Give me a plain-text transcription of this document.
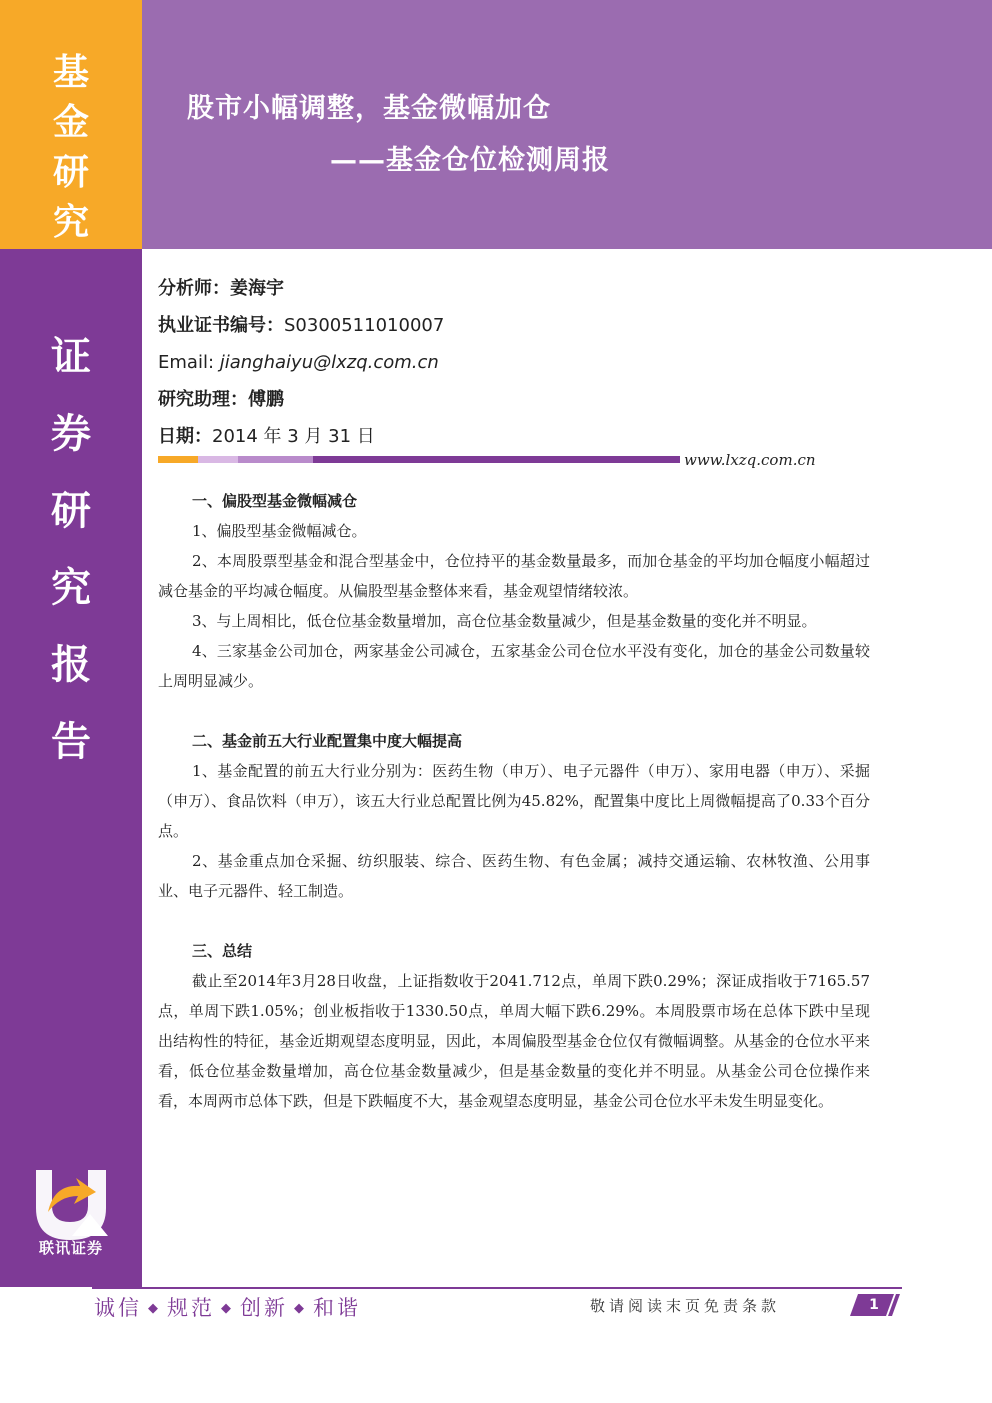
基
金
研
究
证
券
研
究
报
告
股市小幅调整，基金微幅加仓
——基金仓位检测周报
分析师：姜海宇
执业证书编号：S0300511010007
Email: jianghaiyu@lxzq.com.cn
研究助理：傅鹏
日期：2014 年 3 月 31 日
www.lxzq.com.cn
一、偏股型基金微幅减仓

1、偏股型基金微幅减仓。

2、本周股票型基金和混合型基金中，仓位持平的基金数量最多，而加仓基金的平均加仓幅度小幅超过减仓基金的平均减仓幅度。从偏股型基金整体来看，基金观望情绪较浓。

3、与上周相比，低仓位基金数量增加，高仓位基金数量减少，但是基金数量的变化并不明显。

4、三家基金公司加仓，两家基金公司减仓，五家基金公司仓位水平没有变化，加仓的基金公司数量较上周明显减少。

二、基金前五大行业配置集中度大幅提高

1、基金配置的前五大行业分别为：医药生物（申万）、电子元器件（申万）、家用电器（申万）、采掘（申万）、食品饮料（申万），该五大行业总配置比例为45.82%，配置集中度比上周微幅提高了0.33个百分点。

2、基金重点加仓采掘、纺织服装、综合、医药生物、有色金属；减持交通运输、农林牧渔、公用事业、电子元器件、轻工制造。

三、总结

截止至2014年3月28日收盘，上证指数收于2041.712点，单周下跌0.29%；深证成指收于7165.57点，单周下跌1.05%；创业板指收于1330.50点，单周大幅下跌6.29%。本周股票市场在总体下跌中呈现出结构性的特征，基金近期观望态度明显，因此，本周偏股型基金仓位仅有微幅调整。从基金的仓位水平来看，低仓位基金数量增加，高仓位基金数量减少，但是基金数量的变化并不明显。从基金公司仓位操作来看，本周两市总体下跌，但是下跌幅度不大，基金观望态度明显，基金公司仓位水平未发生明显变化。

联讯证券
诚信 ◆ 规范 ◆ 创新 ◆ 和谐	敬请阅读末页免责条款	1
